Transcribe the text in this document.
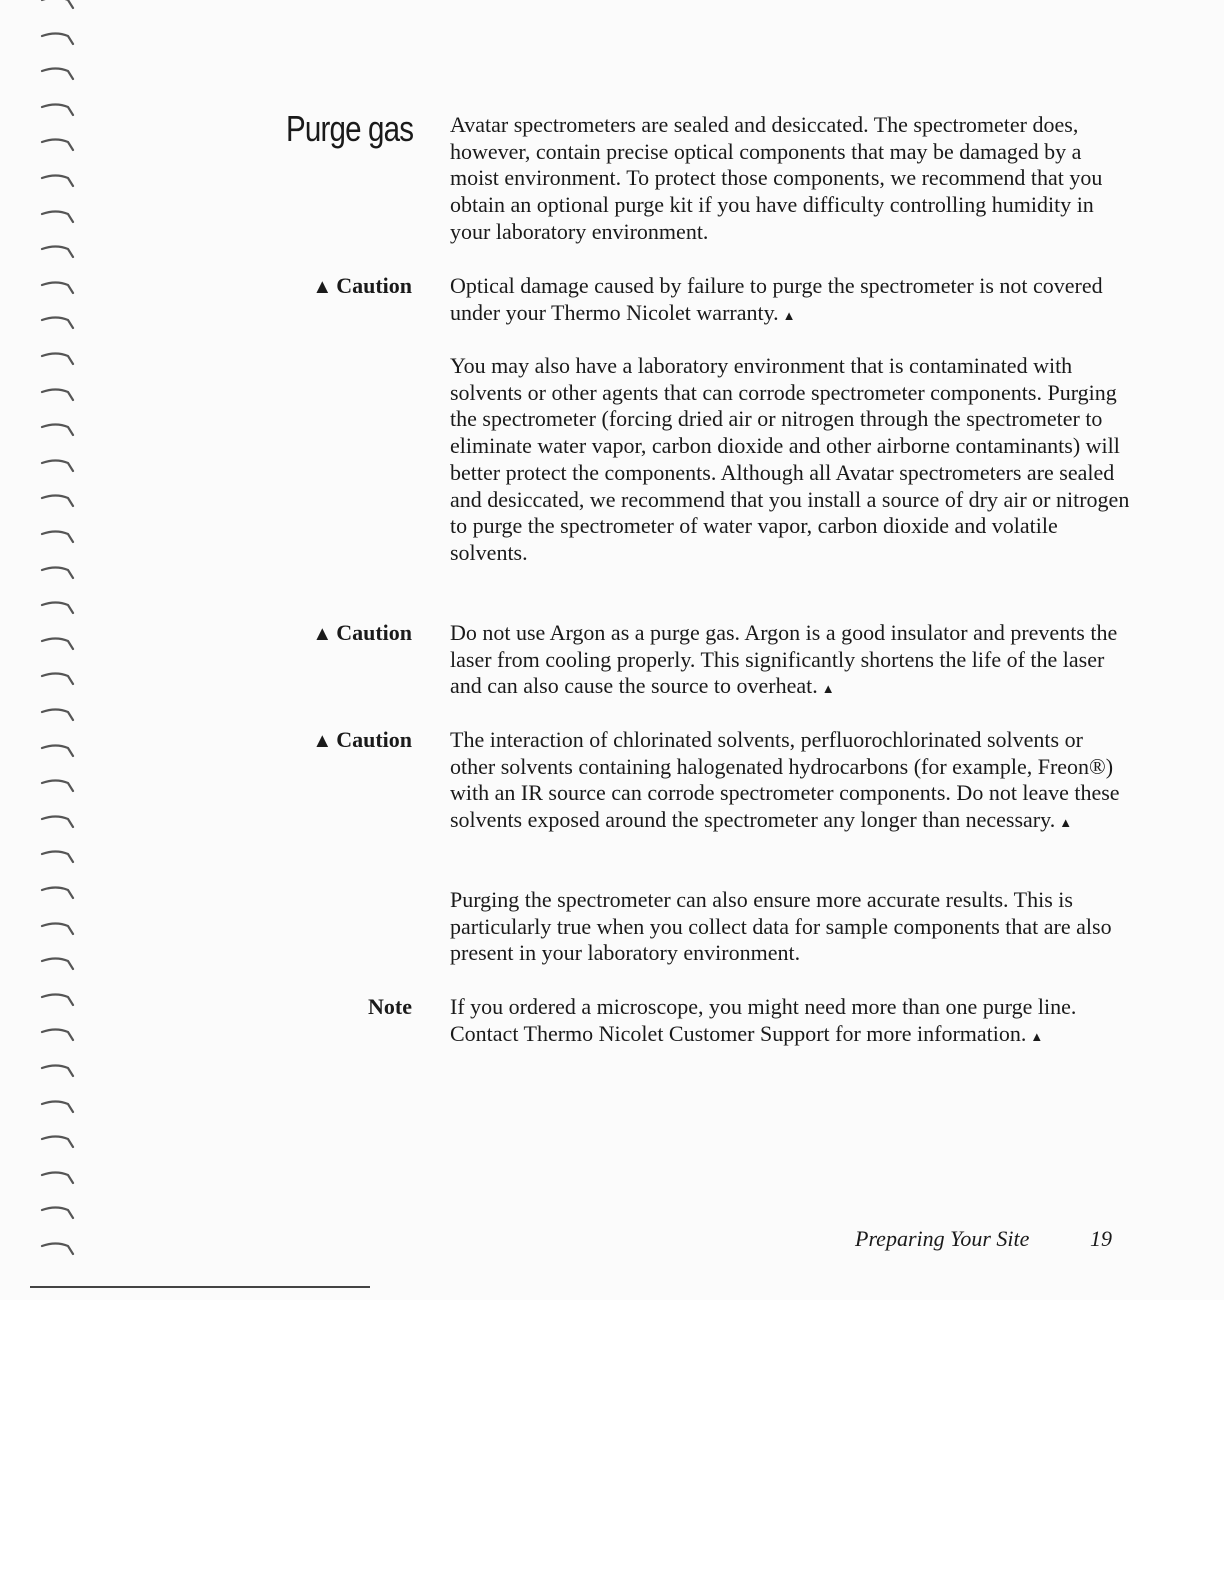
Purge gas Avatar spectrometers are sealed and desiccated. The spectrometer does, however, contain precise optical components that may be damaged by a moist environment. To protect those components, we recommend that you obtain an optional purge kit if you have difficulty controlling humidity in your laboratory environment.

▲ Caution Optical damage caused by failure to purge the spectrometer is not covered under your Thermo Nicolet warranty. ▲

You may also have a laboratory environment that is contaminated with solvents or other agents that can corrode spectrometer components. Purging the spectrometer (forcing dried air or nitrogen through the spectrometer to eliminate water vapor, carbon dioxide and other airborne contaminants) will better protect the components. Although all Avatar spectrometers are sealed and desiccated, we recommend that you install a source of dry air or nitrogen to purge the spectrometer of water vapor, carbon dioxide and volatile solvents.

▲ Caution Do not use Argon as a purge gas. Argon is a good insulator and prevents the laser from cooling properly. This significantly shortens the life of the laser and can also cause the source to overheat. ▲

▲ Caution The interaction of chlorinated solvents, perfluorochlorinated solvents or other solvents containing halogenated hydrocarbons (for example, Freon®) with an IR source can corrode spectrometer components. Do not leave these solvents exposed around the spectrometer any longer than necessary. ▲

Purging the spectrometer can also ensure more accurate results. This is particularly true when you collect data for sample components that are also present in your laboratory environment.

Note If you ordered a microscope, you might need more than one purge line. Contact Thermo Nicolet Customer Support for more information. ▲

Preparing Your Site	19
